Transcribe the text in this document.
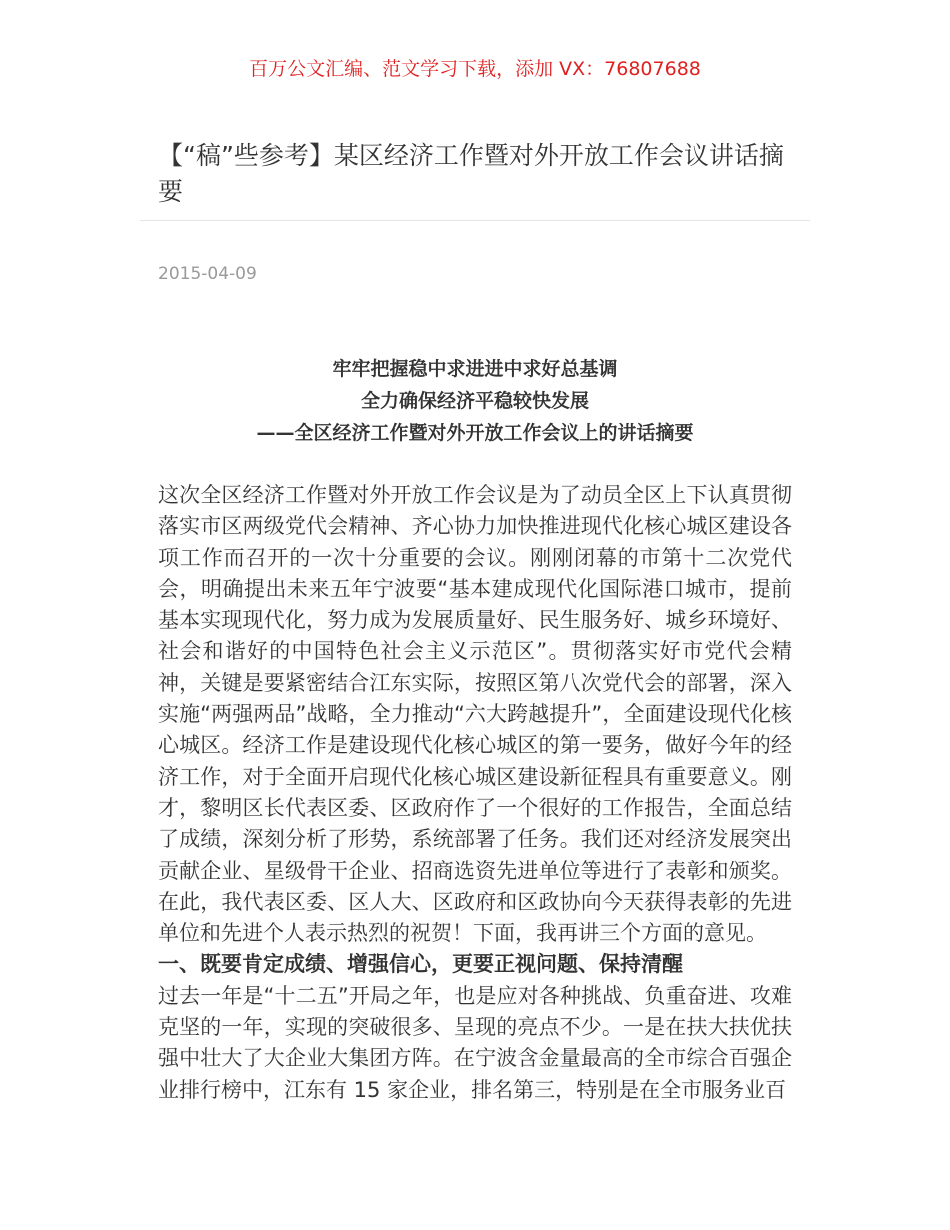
百万公文汇编、范文学习下载，添加 VX：76807688
【“稿”些参考】某区经济工作暨对外开放工作会议讲话摘要
2015-04-09
牢牢把握稳中求进进中求好总基调
全力确保经济平稳较快发展
——全区经济工作暨对外开放工作会议上的讲话摘要

这次全区经济工作暨对外开放工作会议是为了动员全区上下认真贯彻落实市区两级党代会精神、齐心协力加快推进现代化核心城区建设各项工作而召开的一次十分重要的会议。刚刚闭幕的市第十二次党代会，明确提出未来五年宁波要“基本建成现代化国际港口城市，提前基本实现现代化，努力成为发展质量好、民生服务好、城乡环境好、社会和谐好的中国特色社会主义示范区”。贯彻落实好市党代会精神，关键是要紧密结合江东实际，按照区第八次党代会的部署，深入实施“两强两品”战略，全力推动“六大跨越提升”，全面建设现代化核心城区。经济工作是建设现代化核心城区的第一要务，做好今年的经济工作，对于全面开启现代化核心城区建设新征程具有重要意义。刚才，黎明区长代表区委、区政府作了一个很好的工作报告，全面总结了成绩，深刻分析了形势，系统部署了任务。我们还对经济发展突出贡献企业、星级骨干企业、招商选资先进单位等进行了表彰和颁奖。在此，我代表区委、区人大、区政府和区政协向今天获得表彰的先进单位和先进个人表示热烈的祝贺！下面，我再讲三个方面的意见。

一、既要肯定成绩、增强信心，更要正视问题、保持清醒

过去一年是“十二五”开局之年，也是应对各种挑战、负重奋进、攻难克坚的一年，实现的突破很多、呈现的亮点不少。一是在扶大扶优扶强中壮大了大企业大集团方阵。在宁波含金量最高的全市综合百强企业排行榜中，江东有 15 家企业，排名第三，特别是在全市服务业百
